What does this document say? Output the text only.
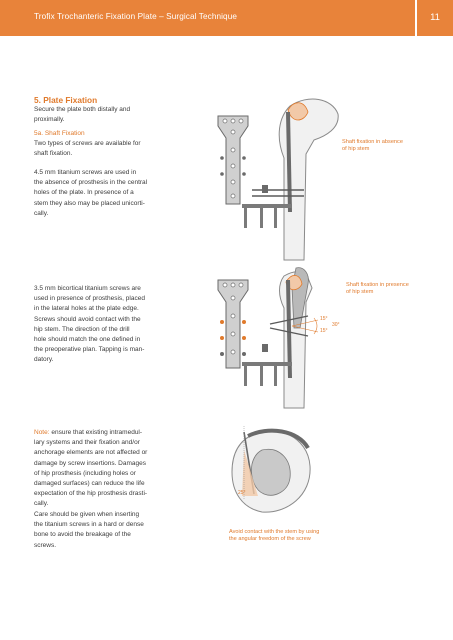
Trofix Trochanteric Fixation Plate – Surgical Technique	11
5. Plate Fixation
Secure the plate both distally and
proximally.
5a. Shaft Fixation
Two types of screws are available for
shaft fixation.
4.5 mm titanium screws are used in
the absence of prosthesis in the central
holes of the plate. In presence of a
stem they also may be placed unicorti-
cally.
3.5 mm bicortical titanium screws are
used in presence of prosthesis, placed
in the lateral holes at the plate edge.
Screws should avoid contact with the
hip stem. The direction of the drill
hole should match the one defined in
the preoperative plan. Tapping is man-
datory.
Note: ensure that existing intramedul-
lary systems and their fixation and/or
anchorage elements are not affected or
damage by screw insertions. Damages
of hip prosthesis (including holes or
damaged surfaces) can reduce the life
expectation of the hip prosthesis drasti-
cally.
Care should be given when inserting
the titanium screws in a hard or dense
bone to avoid the breakage of the
screws.
Shaft fixation in absence
of hip stem
Shaft fixation in presence
of hip stem
Avoid contact with the stem by using
the angular freedom of the screw
15°
15°
30°
25°
